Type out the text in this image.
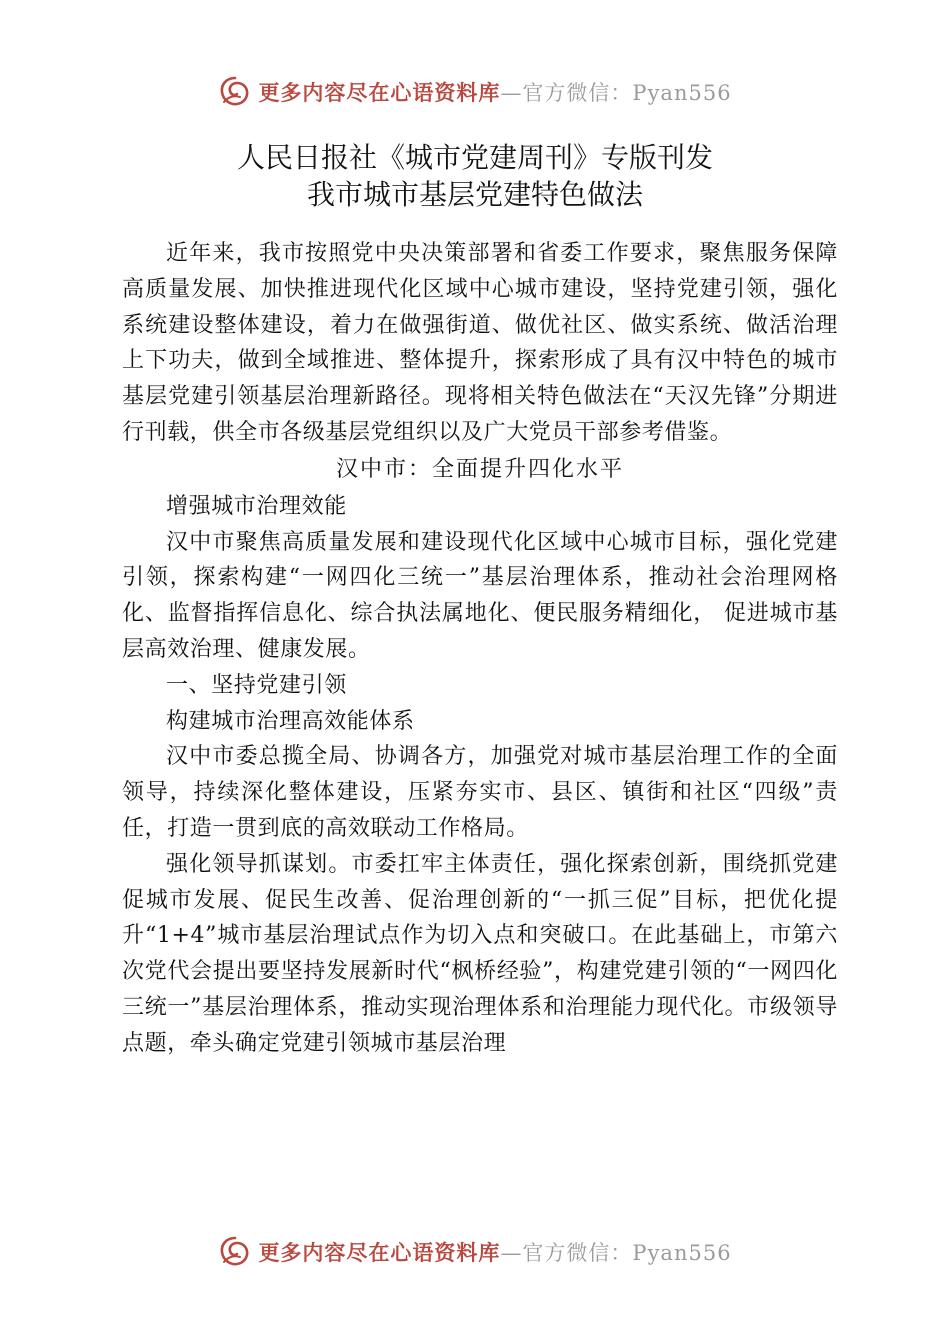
更多内容尽在心语资料库—官方微信：Pyan556
人民日报社《城市党建周刊》专版刊发
我市城市基层党建特色做法

近年来，我市按照党中央决策部署和省委工作要求，聚焦服务保障高质量发展、加快推进现代化区域中心城市建设，坚持党建引领，强化系统建设整体建设，着力在做强街道、做优社区、做实系统、做活治理上下功夫，做到全域推进、整体提升，探索形成了具有汉中特色的城市基层党建引领基层治理新路径。现将相关特色做法在“天汉先锋”分期进行刊载，供全市各级基层党组织以及广大党员干部参考借鉴。

汉中市：全面提升四化水平

增强城市治理效能

汉中市聚焦高质量发展和建设现代化区域中心城市目标，强化党建引领，探索构建“一网四化三统一”基层治理体系，推动社会治理网格化、监督指挥信息化、综合执法属地化、便民服务精细化， 促进城市基层高效治理、健康发展。

一、坚持党建引领

构建城市治理高效能体系

汉中市委总揽全局、协调各方，加强党对城市基层治理工作的全面领导，持续深化整体建设，压紧夯实市、县区、镇街和社区“四级”责任，打造一贯到底的高效联动工作格局。

强化领导抓谋划。市委扛牢主体责任，强化探索创新，围绕抓党建促城市发展、促民生改善、促治理创新的“一抓三促”目标，把优化提升“1+4”城市基层治理试点作为切入点和突破口。在此基础上，市第六次党代会提出要坚持发展新时代“枫桥经验”，构建党建引领的“一网四化三统一”基层治理体系，推动实现治理体系和治理能力现代化。市级领导点题，牵头确定党建引领城市基层治理

更多内容尽在心语资料库—官方微信：Pyan556
